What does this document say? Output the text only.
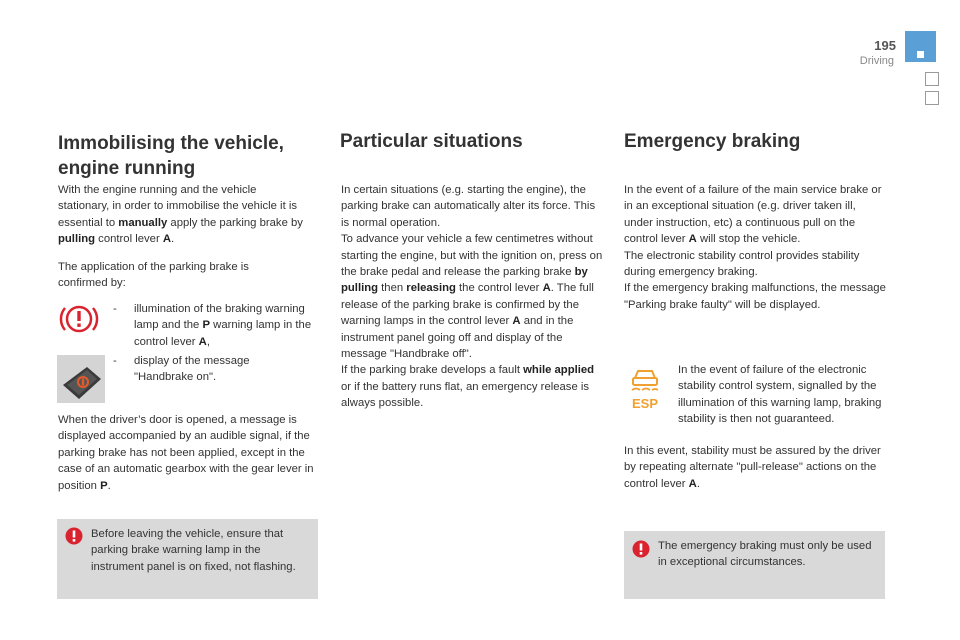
195
Driving
Immobilising the vehicle, engine running
With the engine running and the vehicle stationary, in order to immobilise the vehicle it is essential to manually apply the parking brake by pulling control lever A.
The application of the parking brake is confirmed by:
- illumination of the braking warning lamp and the P warning lamp in the control lever A,
- display of the message "Handbrake on".
When the driver’s door is opened, a message is displayed accompanied by an audible signal, if the parking brake has not been applied, except in the case of an automatic gearbox with the gear lever in position P.
Before leaving the vehicle, ensure that parking brake warning lamp in the instrument panel is on fixed, not flashing.
Particular situations
In certain situations (e.g. starting the engine), the parking brake can automatically alter its force. This is normal operation.
To advance your vehicle a few centimetres without starting the engine, but with the ignition on, press on the brake pedal and release the parking brake by pulling then releasing the control lever A. The full release of the parking brake is confirmed by the warning lamps in the control lever A and in the instrument panel going off and display of the message "Handbrake off".
If the parking brake develops a fault while applied or if the battery runs flat, an emergency release is always possible.
Emergency braking
In the event of a failure of the main service brake or in an exceptional situation (e.g. driver taken ill, under instruction, etc) a continuous pull on the control lever A will stop the vehicle.
The electronic stability control provides stability during emergency braking.
If the emergency braking malfunctions, the message "Parking brake faulty" will be displayed.
ESP
In the event of failure of the electronic stability control system, signalled by the illumination of this warning lamp, braking stability is then not guaranteed.
In this event, stability must be assured by the driver by repeating alternate "pull-release" actions on the control lever A.
The emergency braking must only be used in exceptional circumstances.
